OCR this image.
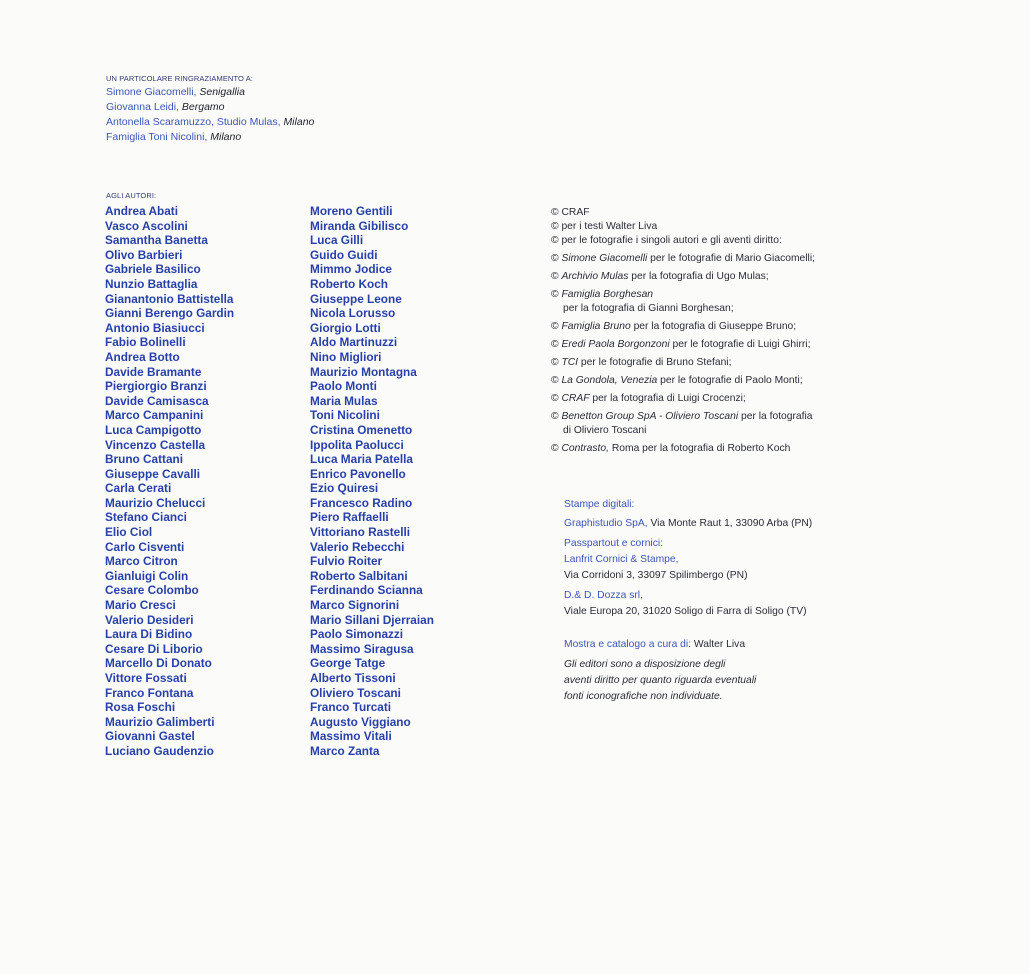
UN PARTICOLARE RINGRAZIAMENTO A:
Simone Giacomelli, Senigallia
Giovanna Leidi, Bergamo
Antonella Scaramuzzo, Studio Mulas, Milano
Famiglia Toni Nicolini, Milano
AGLI AUTORI:
Andrea Abati
Vasco Ascolini
Samantha Banetta
Olivo Barbieri
Gabriele Basilico
Nunzio Battaglia
Gianantonio Battistella
Gianni Berengo Gardin
Antonio Biasiucci
Fabio Bolinelli
Andrea Botto
Davide Bramante
Piergiorgio Branzi
Davide Camisasca
Marco Campanini
Luca Campigotto
Vincenzo Castella
Bruno Cattani
Giuseppe Cavalli
Carla Cerati
Maurizio Chelucci
Stefano Cianci
Elio Ciol
Carlo Cisventi
Marco Citron
Gianluigi Colin
Cesare Colombo
Mario Cresci
Valerio Desideri
Laura Di Bidino
Cesare Di Liborio
Marcello Di Donato
Vittore Fossati
Franco Fontana
Rosa Foschi
Maurizio Galimberti
Giovanni Gastel
Luciano Gaudenzio
Moreno Gentili
Miranda Gibilisco
Luca Gilli
Guido Guidi
Mimmo Jodice
Roberto Koch
Giuseppe Leone
Nicola Lorusso
Giorgio Lotti
Aldo Martinuzzi
Nino Migliori
Maurizio Montagna
Paolo Monti
Maria Mulas
Toni Nicolini
Cristina Omenetto
Ippolita Paolucci
Luca Maria Patella
Enrico Pavonello
Ezio Quiresi
Francesco Radino
Piero Raffaelli
Vittoriano Rastelli
Valerio Rebecchi
Fulvio Roiter
Roberto Salbitani
Ferdinando Scianna
Marco Signorini
Mario Sillani Djerraian
Paolo Simonazzi
Massimo Siragusa
George Tatge
Alberto Tissoni
Oliviero Toscani
Franco Turcati
Augusto Viggiano
Massimo Vitali
Marco Zanta
© CRAF
© per i testi Walter Liva
© per le fotografie i singoli autori e gli aventi diritto:
© Simone Giacomelli per le fotografie di Mario Giacomelli;
© Archivio Mulas per la fotografia di Ugo Mulas;
© Famiglia Borghesan
per la fotografia di Gianni Borghesan;
© Famiglia Bruno per la fotografia di Giuseppe Bruno;
© Eredi Paola Borgonzoni per le fotografie di Luigi Ghirri;
© TCI per le fotografie di Bruno Stefani;
© La Gondola, Venezia per le fotografie di Paolo Monti;
© CRAF per la fotografia di Luigi Crocenzi;
© Benetton Group SpA - Oliviero Toscani per la fotografia
di Oliviero Toscani
© Contrasto, Roma per la fotografia di Roberto Koch
Stampe digitali:
Graphistudio SpA, Via Monte Raut 1, 33090 Arba (PN)
Passpartout e cornici:
Lanfrit Cornici & Stampe,
Via Corridoni 3, 33097 Spilimbergo (PN)
D.& D. Dozza srl,
Viale Europa 20, 31020 Soligo di Farra di Soligo (TV)
Mostra e catalogo a cura di: Walter Liva
Gli editori sono a disposizione degli
aventi diritto per quanto riguarda eventuali
fonti iconografiche non individuate.
